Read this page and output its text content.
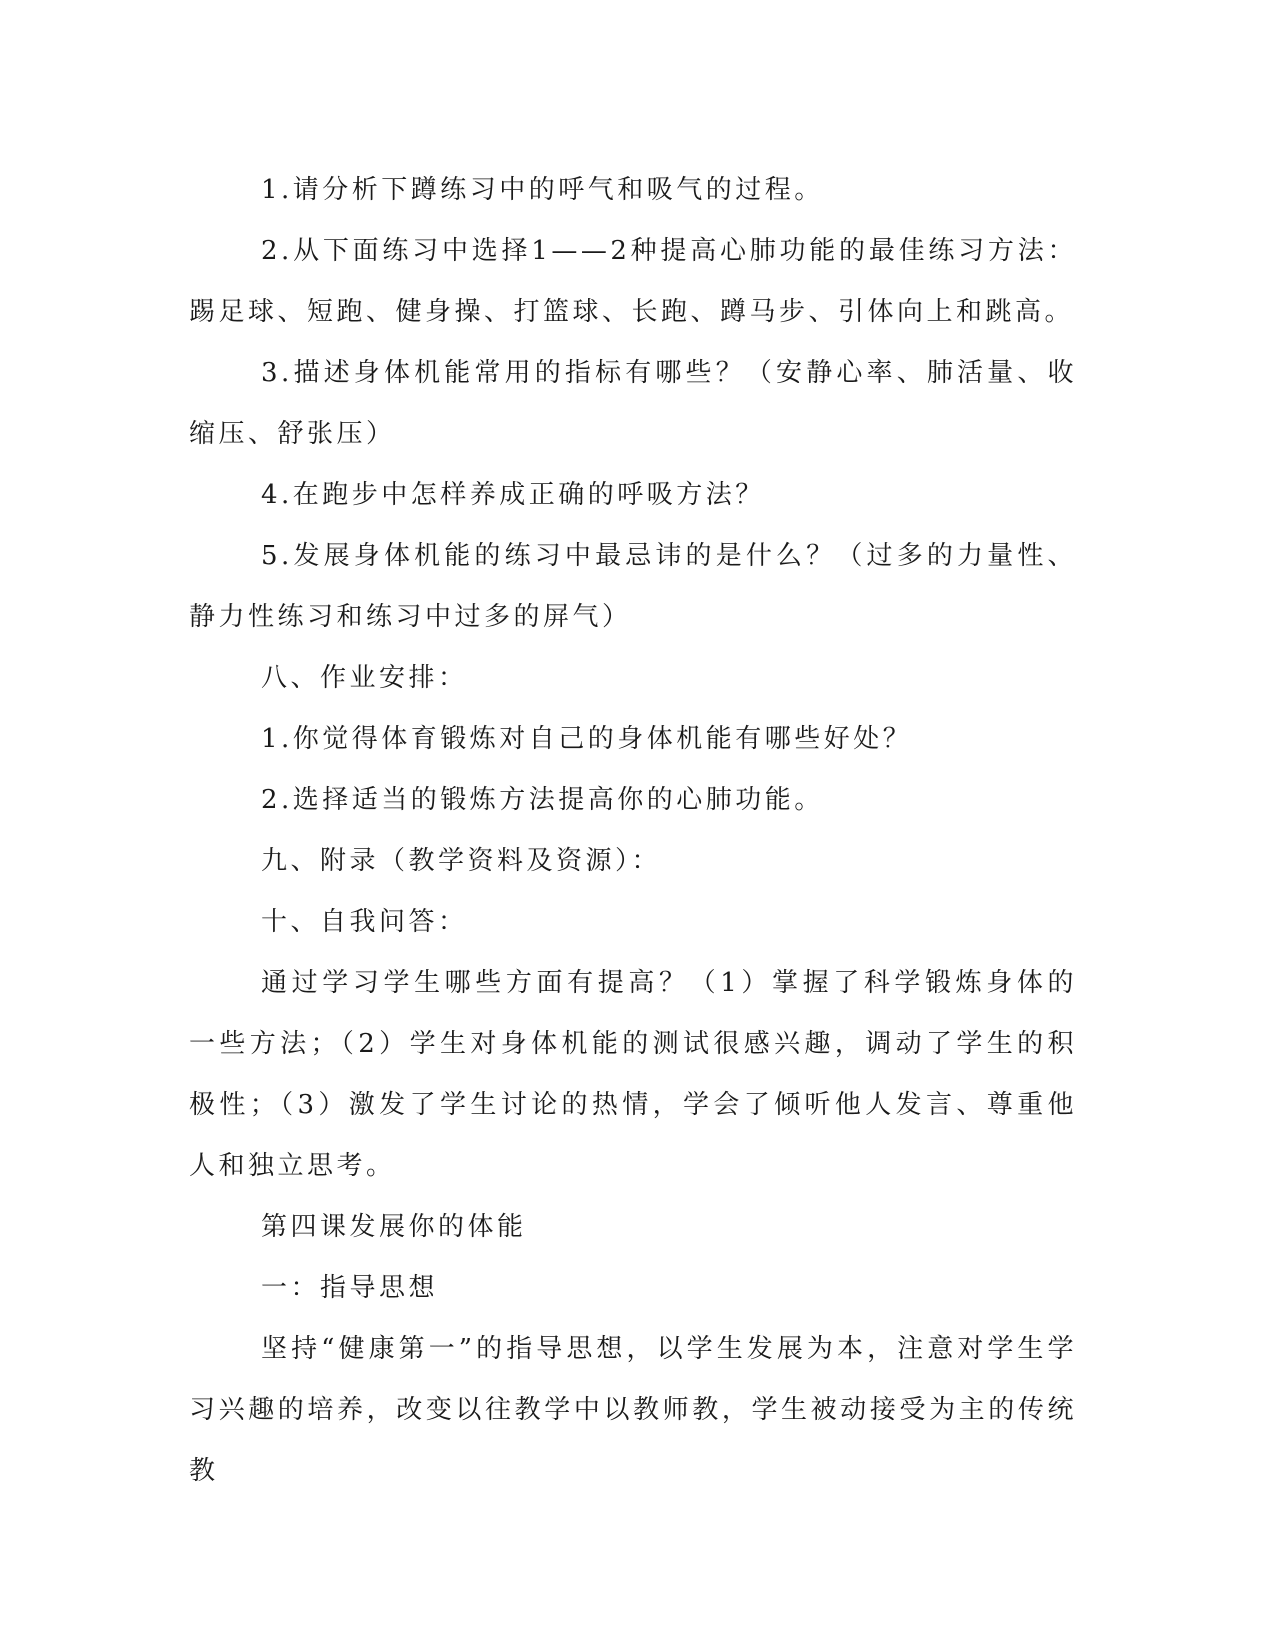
1.请分析下蹲练习中的呼气和吸气的过程。

2.从下面练习中选择1——2种提高心肺功能的最佳练习方法：踢足球、短跑、健身操、打篮球、长跑、蹲马步、引体向上和跳高。

3.描述身体机能常用的指标有哪些？（安静心率、肺活量、收缩压、舒张压）

4.在跑步中怎样养成正确的呼吸方法？

5.发展身体机能的练习中最忌讳的是什么？（过多的力量性、静力性练习和练习中过多的屏气）

八、作业安排：

1.你觉得体育锻炼对自己的身体机能有哪些好处？

2.选择适当的锻炼方法提高你的心肺功能。

九、附录（教学资料及资源）：

十、自我问答：

通过学习学生哪些方面有提高？（1）掌握了科学锻炼身体的一些方法；（2）学生对身体机能的测试很感兴趣，调动了学生的积极性；（3）激发了学生讨论的热情，学会了倾听他人发言、尊重他人和独立思考。

第四课发展你的体能

一：指导思想

坚持“健康第一”的指导思想，以学生发展为本，注意对学生学习兴趣的培养，改变以往教学中以教师教，学生被动接受为主的传统教
